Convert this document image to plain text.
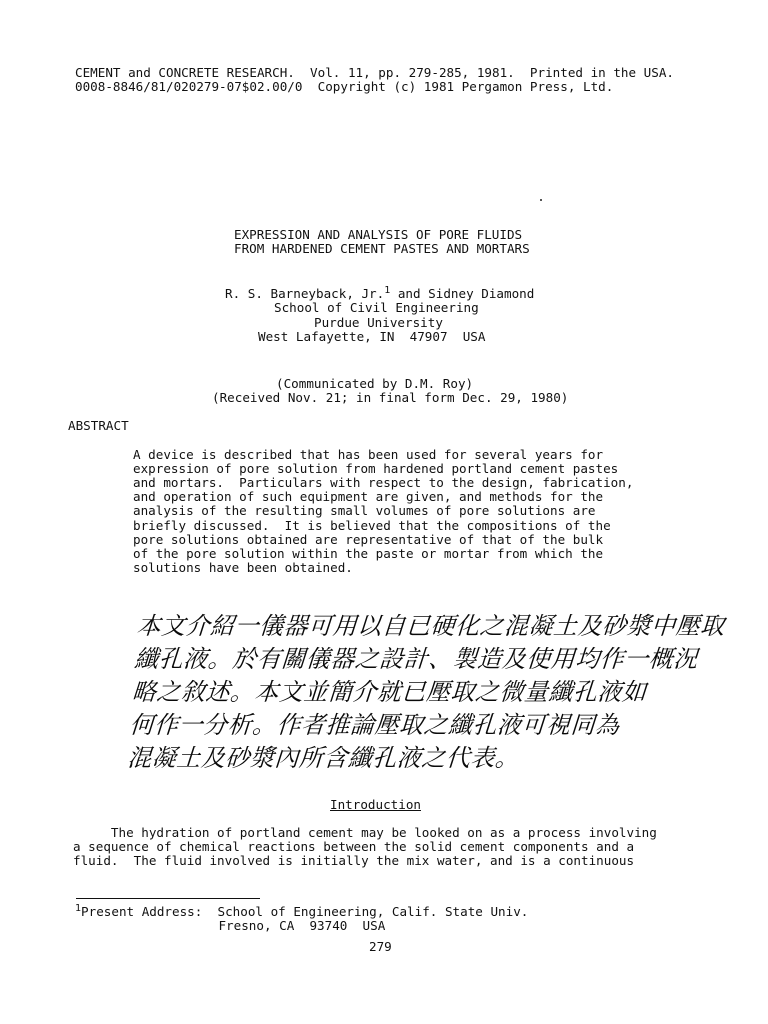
CEMENT and CONCRETE RESEARCH.  Vol. 11, pp. 279-285, 1981.  Printed in the USA.
0008-8846/81/020279-07$02.00/0  Copyright (c) 1981 Pergamon Press, Ltd.
EXPRESSION AND ANALYSIS OF PORE FLUIDS
FROM HARDENED CEMENT PASTES AND MORTARS
R. S. Barneyback, Jr.$^1$ and Sidney Diamond
School of Civil Engineering
Purdue University
West Lafayette, IN  47907  USA
(Communicated by D.M. Roy)
(Received Nov. 21; in final form Dec. 29, 1980)
ABSTRACT
A device is described that has been used for several years for
expression of pore solution from hardened portland cement pastes
and mortars.  Particulars with respect to the design, fabrication,
and operation of such equipment are given, and methods for the
analysis of the resulting small volumes of pore solutions are
briefly discussed.  It is believed that the compositions of the
pore solutions obtained are representative of that of the bulk
of the pore solution within the paste or mortar from which the
solutions have been obtained.
本文介紹一儀器可用以自已硬化之混凝土及砂漿中壓取
纖孔液。於有關儀器之設計、製造及使用均作一概況
略之敘述。本文並簡介就已壓取之微量纖孔液如
何作一分析。作者推論壓取之纖孔液可視同為
混凝土及砂漿內所含纖孔液之代表。
Introduction
The hydration of portland cement may be looked on as a process involving
a sequence of chemical reactions between the solid cement components and a
fluid.  The fluid involved is initially the mix water, and is a continuous
$^1$Present Address:  School of Engineering, Calif. State Univ.
Fresno, CA  93740  USA
279
